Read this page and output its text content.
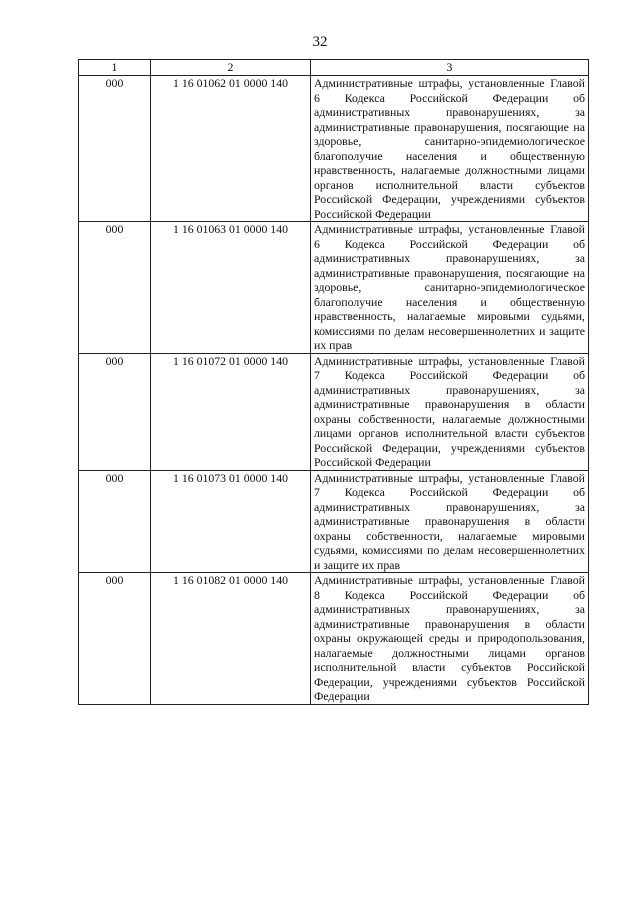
32
1	2	3
000	1 16 01062 01 0000 140	Административные штрафы, установленные Главой 6 Кодекса Российской Федерации об административных правонарушениях, за административные правонарушения, посягающие на здоровье, санитарно-эпидемиологическое благополучие населения и общественную нравственность, налагаемые должностными лицами органов исполнительной власти субъектов Российской Федерации, учреждениями субъектов Российской Федерации
000	1 16 01063 01 0000 140	Административные штрафы, установленные Главой 6 Кодекса Российской Федерации об административных правонарушениях, за административные правонарушения, посягающие на здоровье, санитарно-эпидемиологическое благополучие населения и общественную нравственность, налагаемые мировыми судьями, комиссиями по делам несовершеннолетних и защите их прав
000	1 16 01072 01 0000 140	Административные штрафы, установленные Главой 7 Кодекса Российской Федерации об административных правонарушениях, за административные правонарушения в области охраны собственности, налагаемые должностными лицами органов исполнительной власти субъектов Российской Федерации, учреждениями субъектов Российской Федерации
000	1 16 01073 01 0000 140	Административные штрафы, установленные Главой 7 Кодекса Российской Федерации об административных правонарушениях, за административные правонарушения в области охраны собственности, налагаемые мировыми судьями, комиссиями по делам несовершеннолетних и защите их прав
000	1 16 01082 01 0000 140	Административные штрафы, установленные Главой 8 Кодекса Российской Федерации об административных правонарушениях, за административные правонарушения в области охраны окружающей среды и природопользования, налагаемые должностными лицами органов исполнительной власти субъектов Российской Федерации, учреждениями субъектов Российской Федерации
